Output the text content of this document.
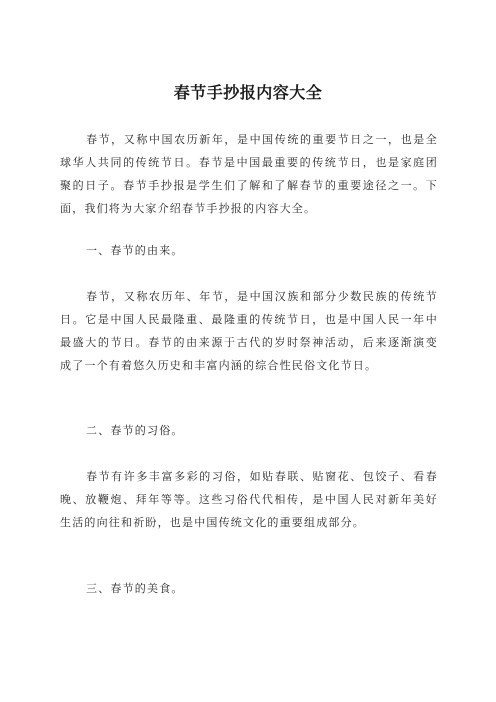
春节手抄报内容大全
春节，又称中国农历新年，是中国传统的重要节日之一，也是全球华人共同的传统节日。春节是中国最重要的传统节日，也是家庭团聚的日子。春节手抄报是学生们了解和了解春节的重要途径之一。下面，我们将为大家介绍春节手抄报的内容大全。
一、春节的由来。
春节，又称农历年、年节，是中国汉族和部分少数民族的传统节日。它是中国人民最隆重、最隆重的传统节日，也是中国人民一年中最盛大的节日。春节的由来源于古代的岁时祭神活动，后来逐渐演变成了一个有着悠久历史和丰富内涵的综合性民俗文化节日。
二、春节的习俗。
春节有许多丰富多彩的习俗，如贴春联、贴窗花、包饺子、看春晚、放鞭炮、拜年等等。这些习俗代代相传，是中国人民对新年美好生活的向往和祈盼，也是中国传统文化的重要组成部分。
三、春节的美食。
